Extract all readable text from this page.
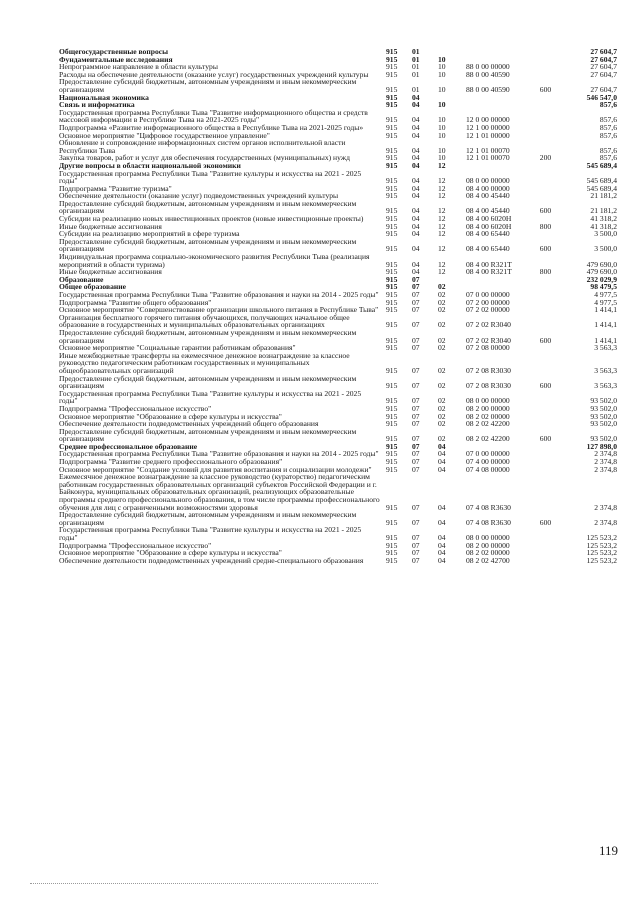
Общегосударственные вопросы	915	01				27 604,7
Фундаментальные исследования	915	01	10			27 604,7
Непрограммное направление в области культуры	915	01	10	88 0 00 00000		27 604,7
Расходы на обеспечение деятельности (оказание услуг) государственных учреждений культуры	915	01	10	88 0 00 40590		27 604,7
Предоставление субсидий бюджетным, автономным учреждениям и иным некоммерческим организациям	915	01	10	88 0 00 40590	600	27 604,7
Национальная экономика	915	04				546 547,0
Связь и информатика	915	04	10			857,6
Государственная программа Республики Тыва "Развитие информационного общества и средств массовой информации в Республике Тыва на 2021-2025 годы"	915	04	10	12 0 00 00000		857,6
Подпрограмма «Развитие информационного общества в Республике Тыва на 2021-2025 годы»	915	04	10	12 1 00 00000		857,6
Основное мероприятие "Цифровое государственное управление"	915	04	10	12 1 01 00000		857,6
Обновление и сопровождение информационных систем органов исполнительной власти Республики Тыва	915	04	10	12 1 01 00070		857,6
Закупка товаров, работ и услуг для обеспечения государственных (муниципальных) нужд	915	04	10	12 1 01 00070	200	857,6
Другие вопросы в области национальной экономики	915	04	12			545 689,4
Государственная программа Республики Тыва "Развитие культуры и искусства на 2021 - 2025 годы"	915	04	12	08 0 00 00000		545 689,4
Подпрограмма "Развитие туризма"	915	04	12	08 4 00 00000		545 689,4
Обеспечение деятельности (оказание услуг) подведомственных учреждений культуры	915	04	12	08 4 00 45440		21 181,2
Предоставление субсидий бюджетным, автономным учреждениям и иным некоммерческим организациям	915	04	12	08 4 00 45440	600	21 181,2
Субсидии на реализацию новых инвестиционных проектов (новые инвестиционные проекты)	915	04	12	08 4 00 6020Н		41 318,2
Иные бюджетные ассигнования	915	04	12	08 4 00 6020Н	800	41 318,2
Субсидии на реализацию мероприятий в сфере туризма	915	04	12	08 4 00 65440		3 500,0
Предоставление субсидий бюджетным, автономным учреждениям и иным некоммерческим организациям	915	04	12	08 4 00 65440	600	3 500,0
Индивидуальная программа социально-экономического развития Республики Тыва (реализация мероприятий в области туризма)	915	04	12	08 4 00 R321Т		479 690,0
Иные бюджетные ассигнования	915	04	12	08 4 00 R321Т	800	479 690,0
Образование	915	07				232 029,9
Общее образование	915	07	02			98 479,5
Государственная программа Республики Тыва "Развитие образования и науки на 2014 - 2025 годы"	915	07	02	07 0 00 00000		4 977,5
Подпрограмма "Развитие общего образования"	915	07	02	07 2 00 00000		4 977,5
Основное мероприятие "Совершенствование организации школьного питания в Республике Тыва"	915	07	02	07 2 02 00000		1 414,1
Организация бесплатного горячего питания обучающихся, получающих начальное общее образование в государственных и муниципальных образовательных организациях	915	07	02	07 2 02 R3040		1 414,1
Предоставление субсидий бюджетным, автономным учреждениям и иным некоммерческим организациям	915	07	02	07 2 02 R3040	600	1 414,1
Основное мероприятие "Социальные гарантии работникам образования"	915	07	02	07 2 08 00000		3 563,3
Иные межбюджетные трансферты на ежемесячное денежное вознаграждение за классное руководство педагогическим работникам государственных и муниципальных общеобразовательных организаций	915	07	02	07 2 08 R3030		3 563,3
Предоставление субсидий бюджетным, автономным учреждениям и иным некоммерческим организациям	915	07	02	07 2 08 R3030	600	3 563,3
Государственная программа Республики Тыва "Развитие культуры и искусства на 2021 - 2025 годы"	915	07	02	08 0 00 00000		93 502,0
Подпрограмма "Профессиональное искусство"	915	07	02	08 2 00 00000		93 502,0
Основное мероприятие "Образование в сфере культуры и искусства"	915	07	02	08 2 02 00000		93 502,0
Обеспечение деятельности подведомственных учреждений общего образования	915	07	02	08 2 02 42200		93 502,0
Предоставление субсидий бюджетным, автономным учреждениям и иным некоммерческим организациям	915	07	02	08 2 02 42200	600	93 502,0
Среднее профессиональное образование	915	07	04			127 898,0
Государственная программа Республики Тыва "Развитие образования и науки на 2014 - 2025 годы"	915	07	04	07 0 00 00000		2 374,8
Подпрограмма "Развитие среднего профессионального образования"	915	07	04	07 4 00 00000		2 374,8
Основное мероприятие "Создание условий для развития воспитания и социализации молодежи"	915	07	04	07 4 08 00000		2 374,8
Ежемесячное денежное вознаграждение за классное руководство (кураторство) педагогическим работникам государственных образовательных организаций субъектов Российской Федерации и г. Байконура, муниципальных образовательных организаций, реализующих образовательные программы среднего профессионального образования, в том числе программы профессионального обучения для лиц с ограниченными возможностями здоровья	915	07	04	07 4 08 R3630		2 374,8
Предоставление субсидий бюджетным, автономным учреждениям и иным некоммерческим организациям	915	07	04	07 4 08 R3630	600	2 374,8
Государственная программа Республики Тыва "Развитие культуры и искусства на 2021 - 2025 годы"	915	07	04	08 0 00 00000		125 523,2
Подпрограмма "Профессиональное искусство"	915	07	04	08 2 00 00000		125 523,2
Основное мероприятие "Образование в сфере культуры и искусства"	915	07	04	08 2 02 00000		125 523,2
Обеспечение деятельности подведомственных учреждений средне-специального образования	915	07	04	08 2 02 42700		125 523,2
119
